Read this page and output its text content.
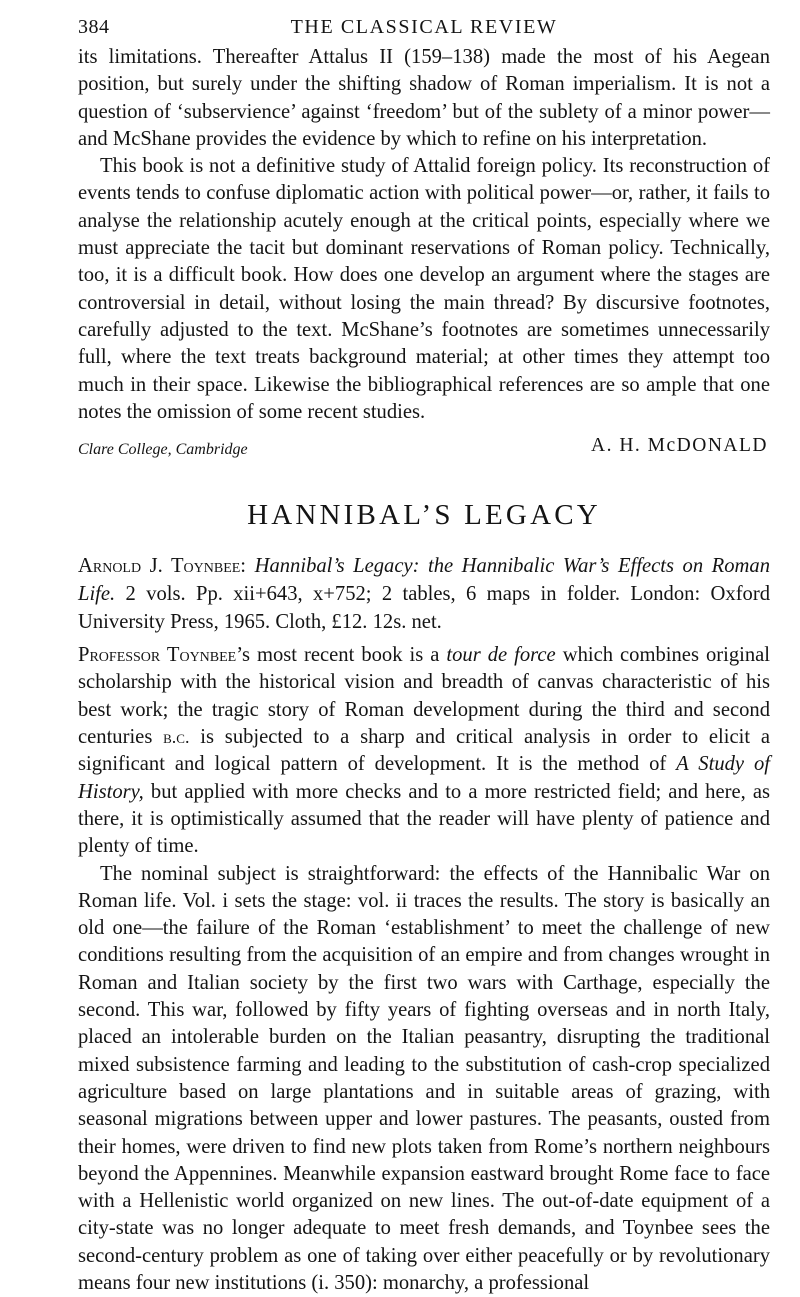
384	THE CLASSICAL REVIEW

its limitations. Thereafter Attalus II (159–138) made the most of his Aegean position, but surely under the shifting shadow of Roman imperialism. It is not a question of ‘subservience’ against ‘freedom’ but of the sublety of a minor power—and McShane provides the evidence by which to refine on his interpretation.

This book is not a definitive study of Attalid foreign policy. Its reconstruction of events tends to confuse diplomatic action with political power—or, rather, it fails to analyse the relationship acutely enough at the critical points, especially where we must appreciate the tacit but dominant reservations of Roman policy. Technically, too, it is a difficult book. How does one develop an argument where the stages are controversial in detail, without losing the main thread? By discursive footnotes, carefully adjusted to the text. McShane’s footnotes are sometimes unnecessarily full, where the text treats background material; at other times they attempt too much in their space. Likewise the bibliographical references are so ample that one notes the omission of some recent studies.

Clare College, Cambridge	A. H. McDONALD
HANNIBAL’S LEGACY

Arnold J. Toynbee: Hannibal’s Legacy: the Hannibalic War’s Effects on Roman Life. 2 vols. Pp. xii+643, x+752; 2 tables, 6 maps in folder. London: Oxford University Press, 1965. Cloth, £12. 12s. net.

Professor Toynbee’s most recent book is a tour de force which combines original scholarship with the historical vision and breadth of canvas characteristic of his best work; the tragic story of Roman development during the third and second centuries b.c. is subjected to a sharp and critical analysis in order to elicit a significant and logical pattern of development. It is the method of A Study of History, but applied with more checks and to a more restricted field; and here, as there, it is optimistically assumed that the reader will have plenty of patience and plenty of time.

The nominal subject is straightforward: the effects of the Hannibalic War on Roman life. Vol. i sets the stage: vol. ii traces the results. The story is basically an old one—the failure of the Roman ‘establishment’ to meet the challenge of new conditions resulting from the acquisition of an empire and from changes wrought in Roman and Italian society by the first two wars with Carthage, especially the second. This war, followed by fifty years of fighting overseas and in north Italy, placed an intolerable burden on the Italian peasantry, disrupting the traditional mixed subsistence farming and leading to the substitution of cash-crop specialized agriculture based on large plantations and in suitable areas of grazing, with seasonal migrations between upper and lower pastures. The peasants, ousted from their homes, were driven to find new plots taken from Rome’s northern neighbours beyond the Appennines. Meanwhile expansion eastward brought Rome face to face with a Hellenistic world organized on new lines. The out-of-date equipment of a city-state was no longer adequate to meet fresh demands, and Toynbee sees the second-century problem as one of taking over either peacefully or by revolutionary means four new institutions (i. 350): monarchy, a professional
